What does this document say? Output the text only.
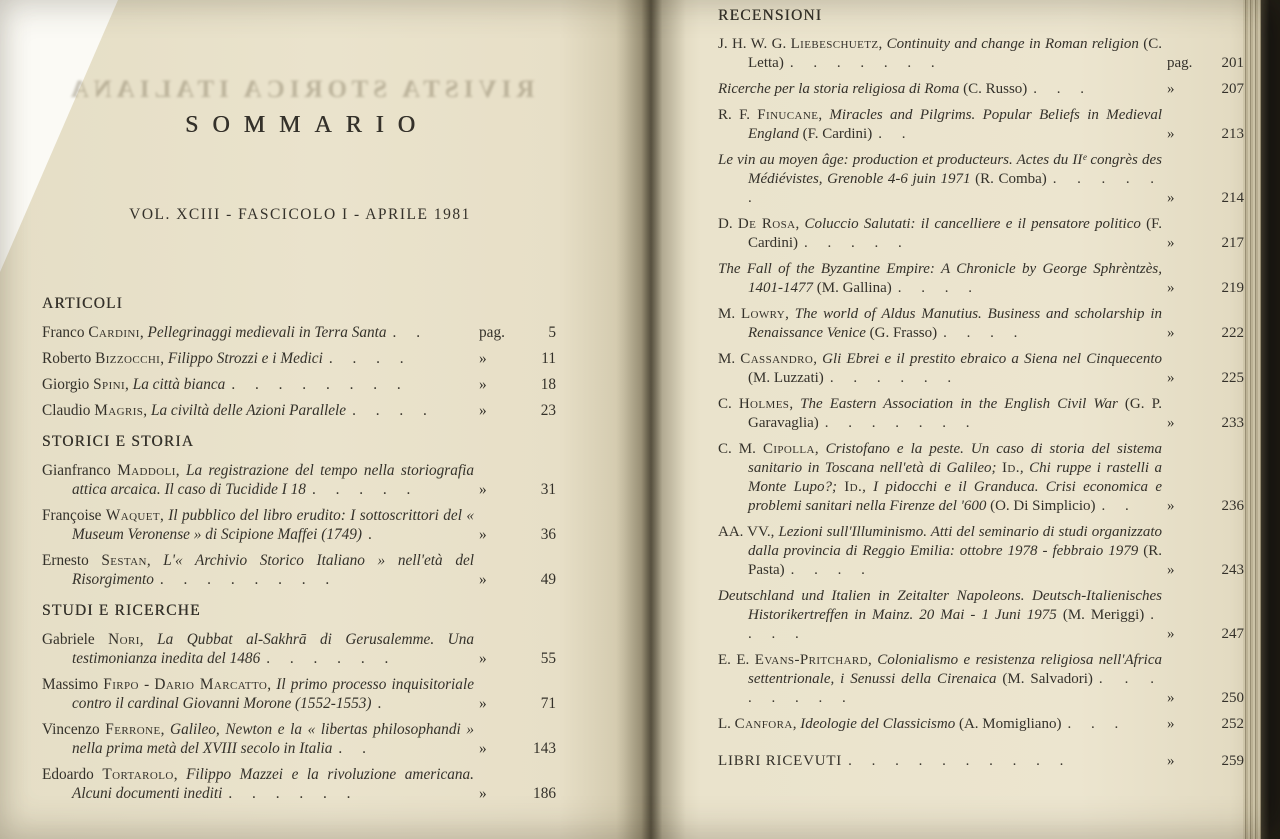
RIVISTA STORICA ITALIANA
SOMMARIO
VOL. XCIII - FASCICOLO I - APRILE 1981
ARTICOLI
Franco Cardini, Pellegrinaggi medievali in Terra Santa . .	pag.	5
Roberto Bizzocchi, Filippo Strozzi e i Medici . . . .	»	11
Giorgio Spini, La città bianca . . . . . . . .	»	18
Claudio Magris, La civiltà delle Azioni Parallele . . . .	»	23
STORICI E STORIA
Gianfranco Maddoli, La registrazione del tempo nella storiografia attica arcaica. Il caso di Tucidide I 18 . . . . .	»	31
Françoise Waquet, Il pubblico del libro erudito: I sottoscrittori del « Museum Veronense » di Scipione Maffei (1749) .	»	36
Ernesto Sestan, L'« Archivio Storico Italiano » nell'età del Risorgimento . . . . . . . .	»	49
STUDI E RICERCHE
Gabriele Nori, La Qubbat al-Sakhrā di Gerusalemme. Una testimonianza inedita del 1486 . . . . . .	»	55
Massimo Firpo - Dario Marcatto, Il primo processo inquisitoriale contro il cardinal Giovanni Morone (1552-1553) .	»	71
Vincenzo Ferrone, Galileo, Newton e la « libertas philosophandi » nella prima metà del XVIII secolo in Italia . .	»	143
Edoardo Tortarolo, Filippo Mazzei e la rivoluzione americana. Alcuni documenti inediti . . . . . .	»	186
RECENSIONI
J. H. W. G. Liebeschuetz, Continuity and change in Roman religion (C. Letta) . . . . . . .	pag.	201
Ricerche per la storia religiosa di Roma (C. Russo) . . .	»	207
R. F. Finucane, Miracles and Pilgrims. Popular Beliefs in Medieval England (F. Cardini) . .	»	213
Le vin au moyen âge: production et producteurs. Actes du IIᵉ congrès des Médiévistes, Grenoble 4-6 juin 1971 (R. Comba) . . . . . .	»	214
D. De Rosa, Coluccio Salutati: il cancelliere e il pensatore politico (F. Cardini) . . . . .	»	217
The Fall of the Byzantine Empire: A Chronicle by George Sphrèntzès, 1401-1477 (M. Gallina) . . . .	»	219
M. Lowry, The world of Aldus Manutius. Business and scholarship in Renaissance Venice (G. Frasso) . . . .	»	222
M. Cassandro, Gli Ebrei e il prestito ebraico a Siena nel Cinquecento (M. Luzzati) . . . . . .	»	225
C. Holmes, The Eastern Association in the English Civil War (G. P. Garavaglia) . . . . . . .	»	233
C. M. Cipolla, Cristofano e la peste. Un caso di storia del sistema sanitario in Toscana nell'età di Galileo; Id., Chi ruppe i rastelli a Monte Lupo?; Id., I pidocchi e il Granduca. Crisi economica e problemi sanitari nella Firenze del '600 (O. Di Simplicio) . .	»	236
AA. VV., Lezioni sull'Illuminismo. Atti del seminario di studi organizzato dalla provincia di Reggio Emilia: ottobre 1978 - febbraio 1979 (R. Pasta) . . . .	»	243
Deutschland und Italien in Zeitalter Napoleons. Deutsch-Italienisches Historikertreffen in Mainz. 20 Mai - 1 Juni 1975 (M. Meriggi) . . . .	»	247
E. E. Evans-Pritchard, Colonialismo e resistenza religiosa nell'Africa settentrionale, i Senussi della Cirenaica (M. Salvadori) . . . . . . . .	»	250
L. Canfora, Ideologie del Classicismo (A. Momigliano) . . .	»	252
LIBRI RICEVUTI . . . . . . . . . .	»	259
